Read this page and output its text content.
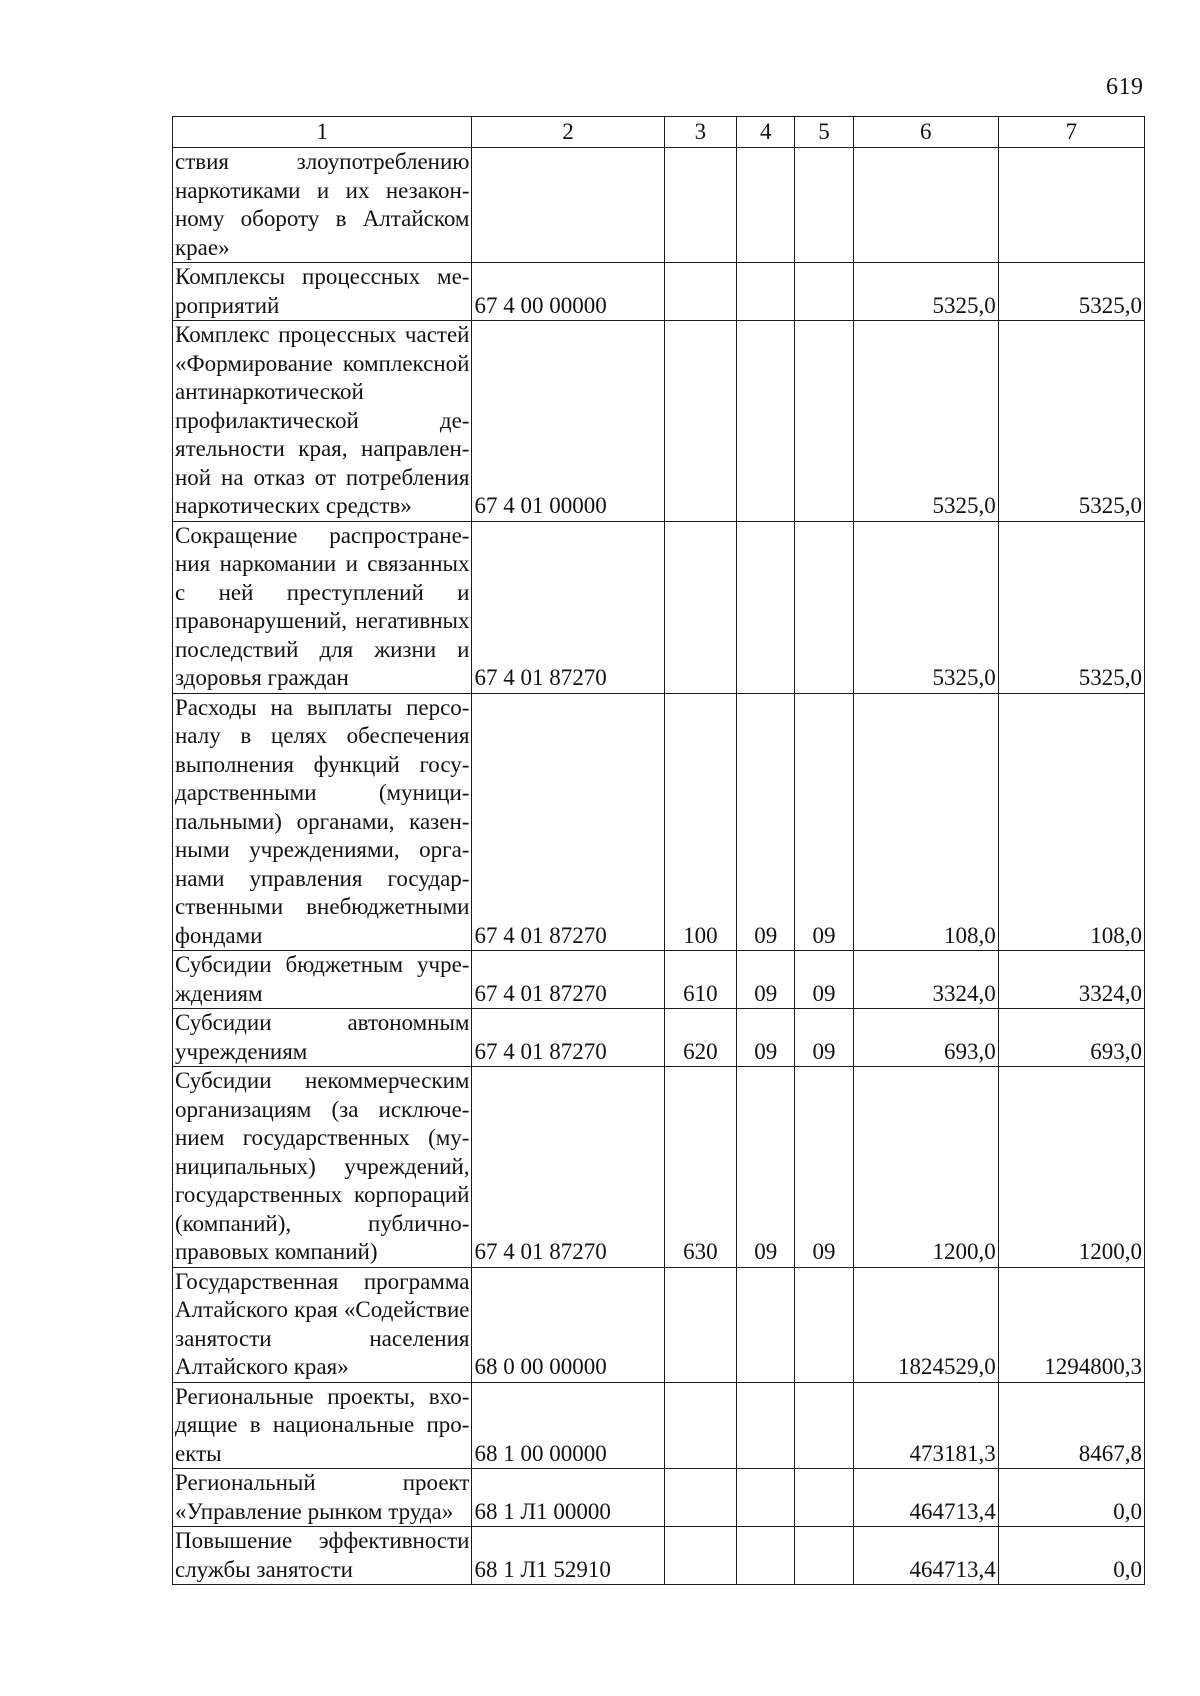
619
1	2	3	4	5	6	7
ствия злоупотреблению наркотиками и их незаконному обороту в Алтайском крае»						
Комплексы процессных мероприятий	67 4 00 00000				5325,0	5325,0
Комплекс процессных частей «Формирование комплексной антинаркотической профилактической деятельности края, направленной на отказ от потребления наркотических средств»	67 4 01 00000				5325,0	5325,0
Сокращение распространения наркомании и связанных с ней преступлений и правонарушений, негативных последствий для жизни и здоровья граждан	67 4 01 87270				5325,0	5325,0
Расходы на выплаты персоналу в целях обеспечения выполнения функций государственными (муниципальными) органами, казенными учреждениями, органами управления государственными внебюджетными фондами	67 4 01 87270	100	09	09	108,0	108,0
Субсидии бюджетным учреждениям	67 4 01 87270	610	09	09	3324,0	3324,0
Субсидии автономным учреждениям	67 4 01 87270	620	09	09	693,0	693,0
Субсидии некоммерческим организациям (за исключением государственных (муниципальных) учреждений, государственных корпораций (компаний), публично-правовых компаний)	67 4 01 87270	630	09	09	1200,0	1200,0
Государственная программа Алтайского края «Содействие занятости населения Алтайского края»	68 0 00 00000				1824529,0	1294800,3
Региональные проекты, входящие в национальные проекты	68 1 00 00000				473181,3	8467,8
Региональный проект «Управление рынком труда»	68 1 Л1 00000				464713,4	0,0
Повышение эффективности службы занятости	68 1 Л1 52910				464713,4	0,0
